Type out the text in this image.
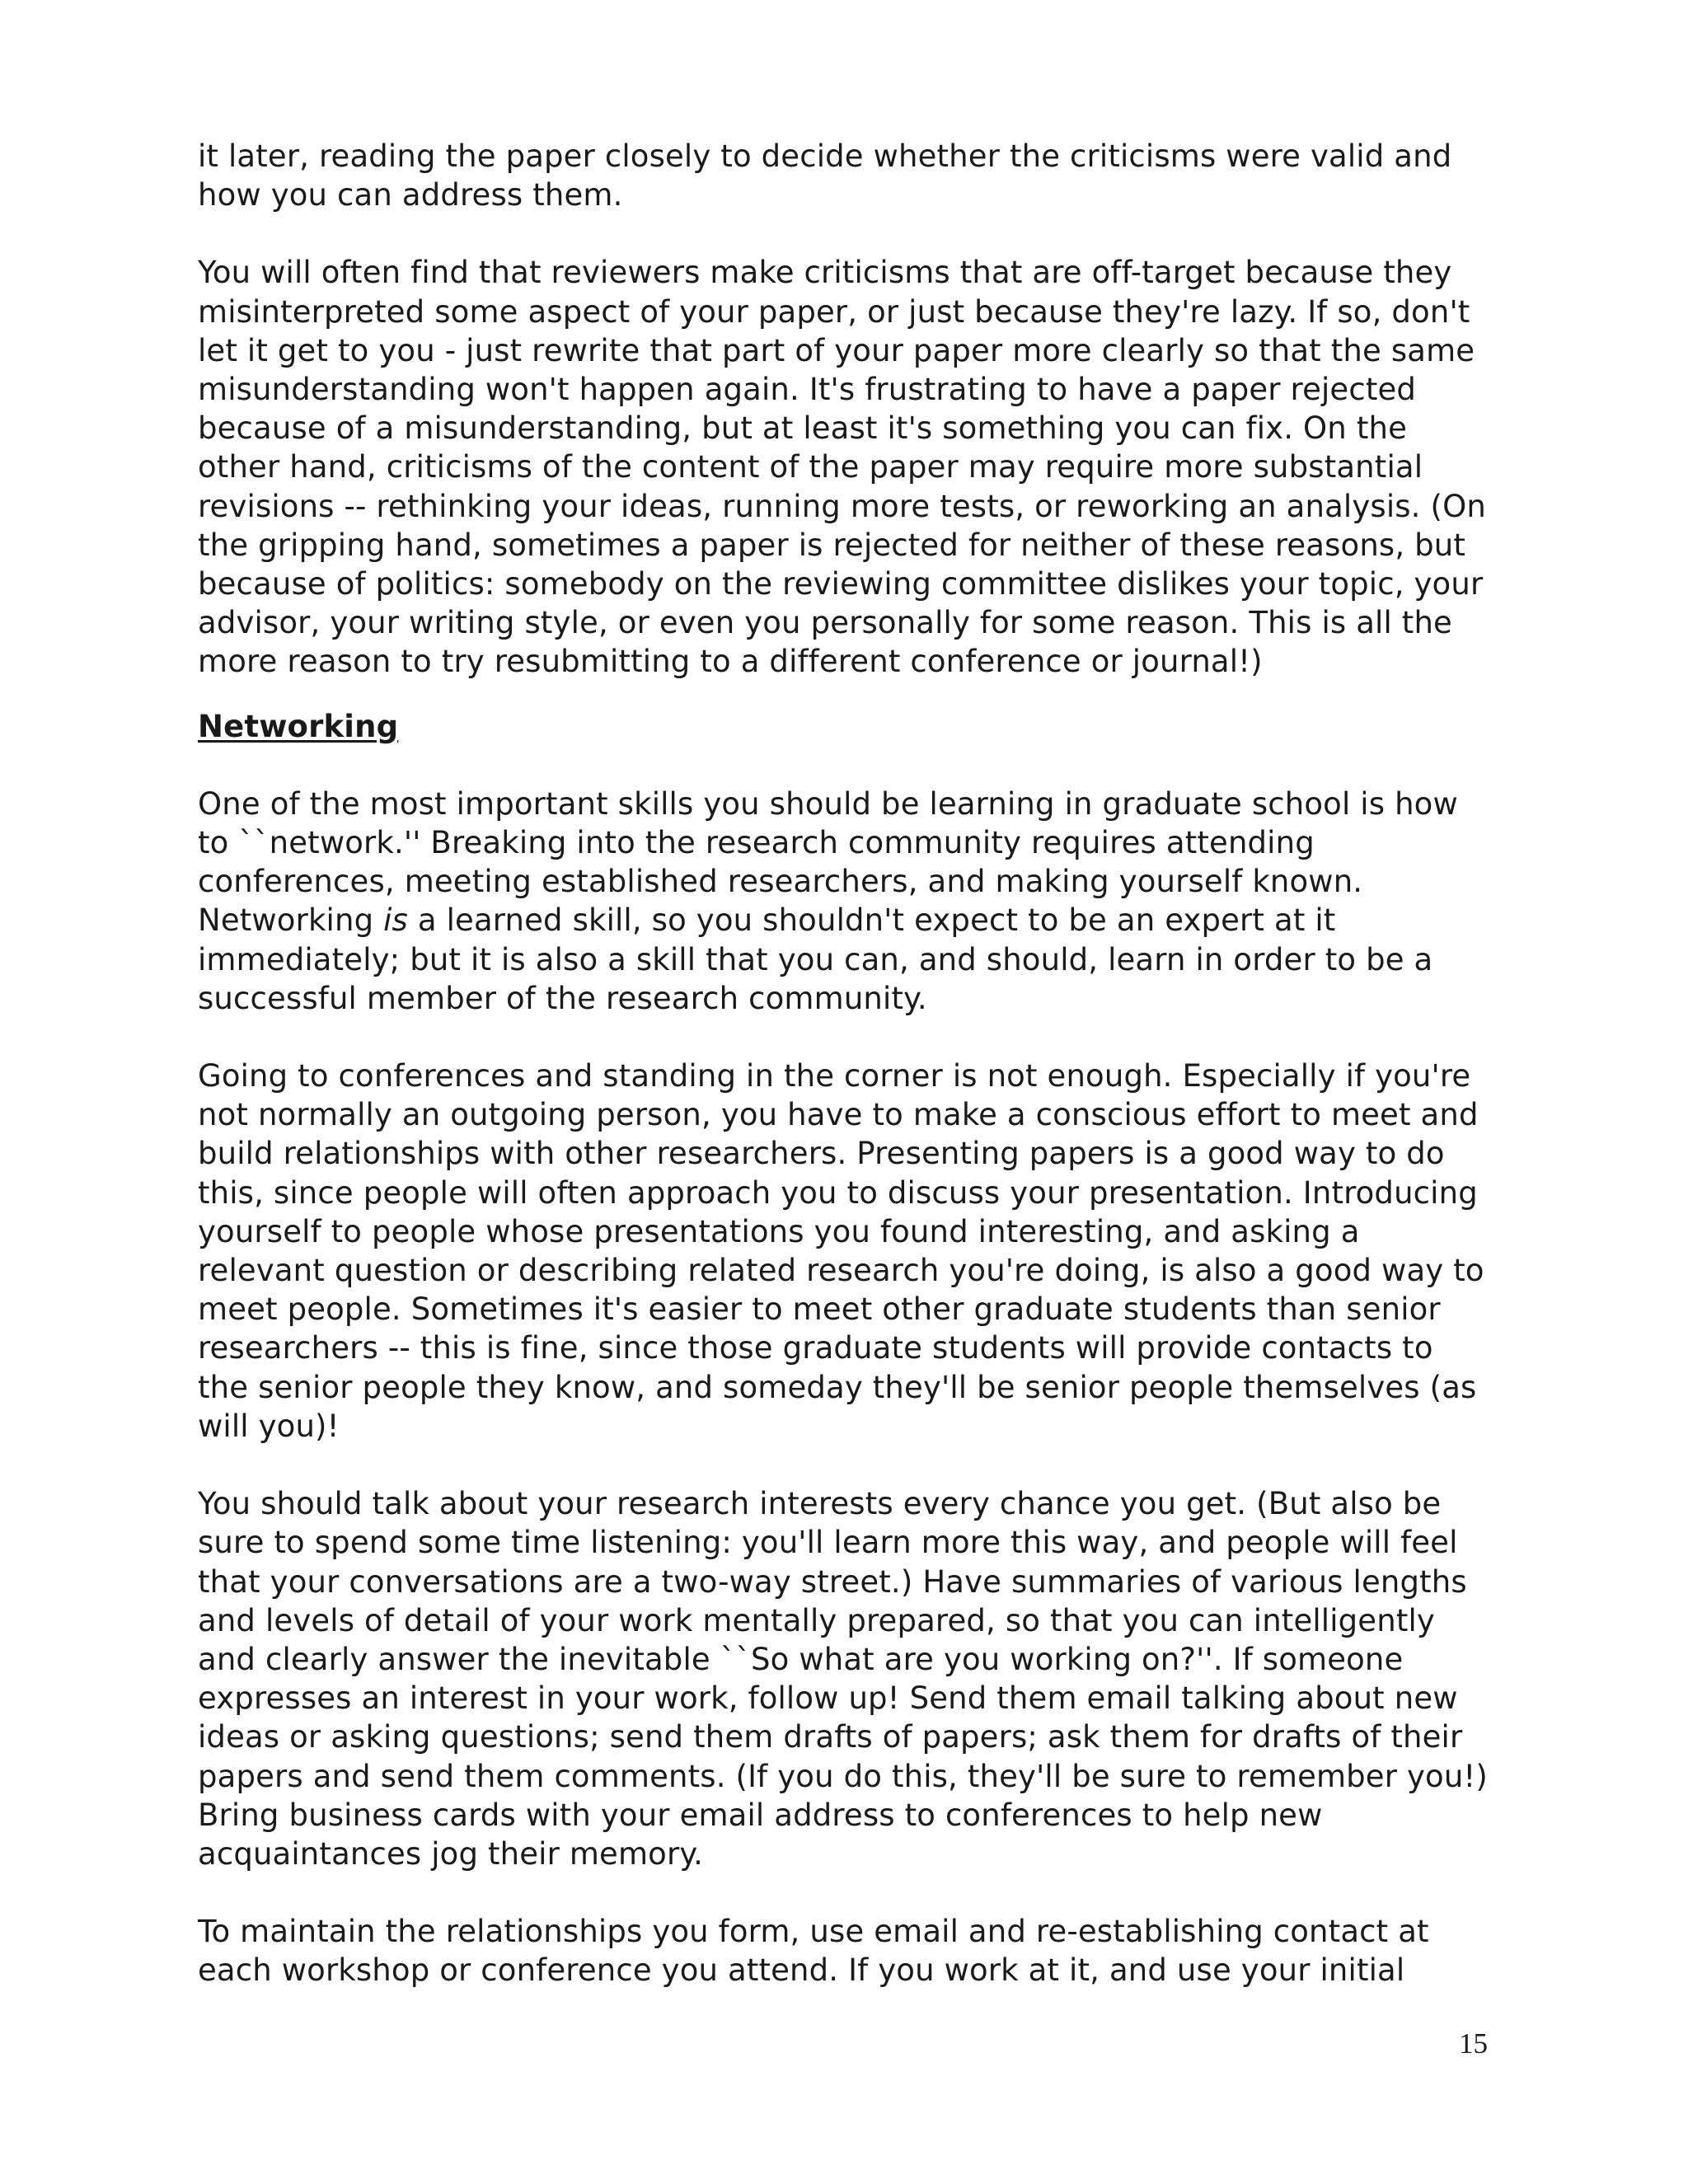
it later, reading the paper closely to decide whether the criticisms were valid and how you can address them.

You will often find that reviewers make criticisms that are off-target because they misinterpreted some aspect of your paper, or just because they're lazy. If so, don't let it get to you - just rewrite that part of your paper more clearly so that the same misunderstanding won't happen again. It's frustrating to have a paper rejected because of a misunderstanding, but at least it's something you can fix. On the other hand, criticisms of the content of the paper may require more substantial revisions -- rethinking your ideas, running more tests, or reworking an analysis. (On the gripping hand, sometimes a paper is rejected for neither of these reasons, but because of politics: somebody on the reviewing committee dislikes your topic, your advisor, your writing style, or even you personally for some reason. This is all the more reason to try resubmitting to a different conference or journal!)

Networking

One of the most important skills you should be learning in graduate school is how to ``network.'' Breaking into the research community requires attending conferences, meeting established researchers, and making yourself known. Networking is a learned skill, so you shouldn't expect to be an expert at it immediately; but it is also a skill that you can, and should, learn in order to be a successful member of the research community.

Going to conferences and standing in the corner is not enough. Especially if you're not normally an outgoing person, you have to make a conscious effort to meet and build relationships with other researchers. Presenting papers is a good way to do this, since people will often approach you to discuss your presentation. Introducing yourself to people whose presentations you found interesting, and asking a relevant question or describing related research you're doing, is also a good way to meet people. Sometimes it's easier to meet other graduate students than senior researchers -- this is fine, since those graduate students will provide contacts to the senior people they know, and someday they'll be senior people themselves (as will you)!

You should talk about your research interests every chance you get. (But also be sure to spend some time listening: you'll learn more this way, and people will feel that your conversations are a two-way street.) Have summaries of various lengths and levels of detail of your work mentally prepared, so that you can intelligently and clearly answer the inevitable ``So what are you working on?''. If someone expresses an interest in your work, follow up! Send them email talking about new ideas or asking questions; send them drafts of papers; ask them for drafts of their papers and send them comments. (If you do this, they'll be sure to remember you!) Bring business cards with your email address to conferences to help new acquaintances jog their memory.

To maintain the relationships you form, use email and re-establishing contact at each workshop or conference you attend. If you work at it, and use your initial

15
